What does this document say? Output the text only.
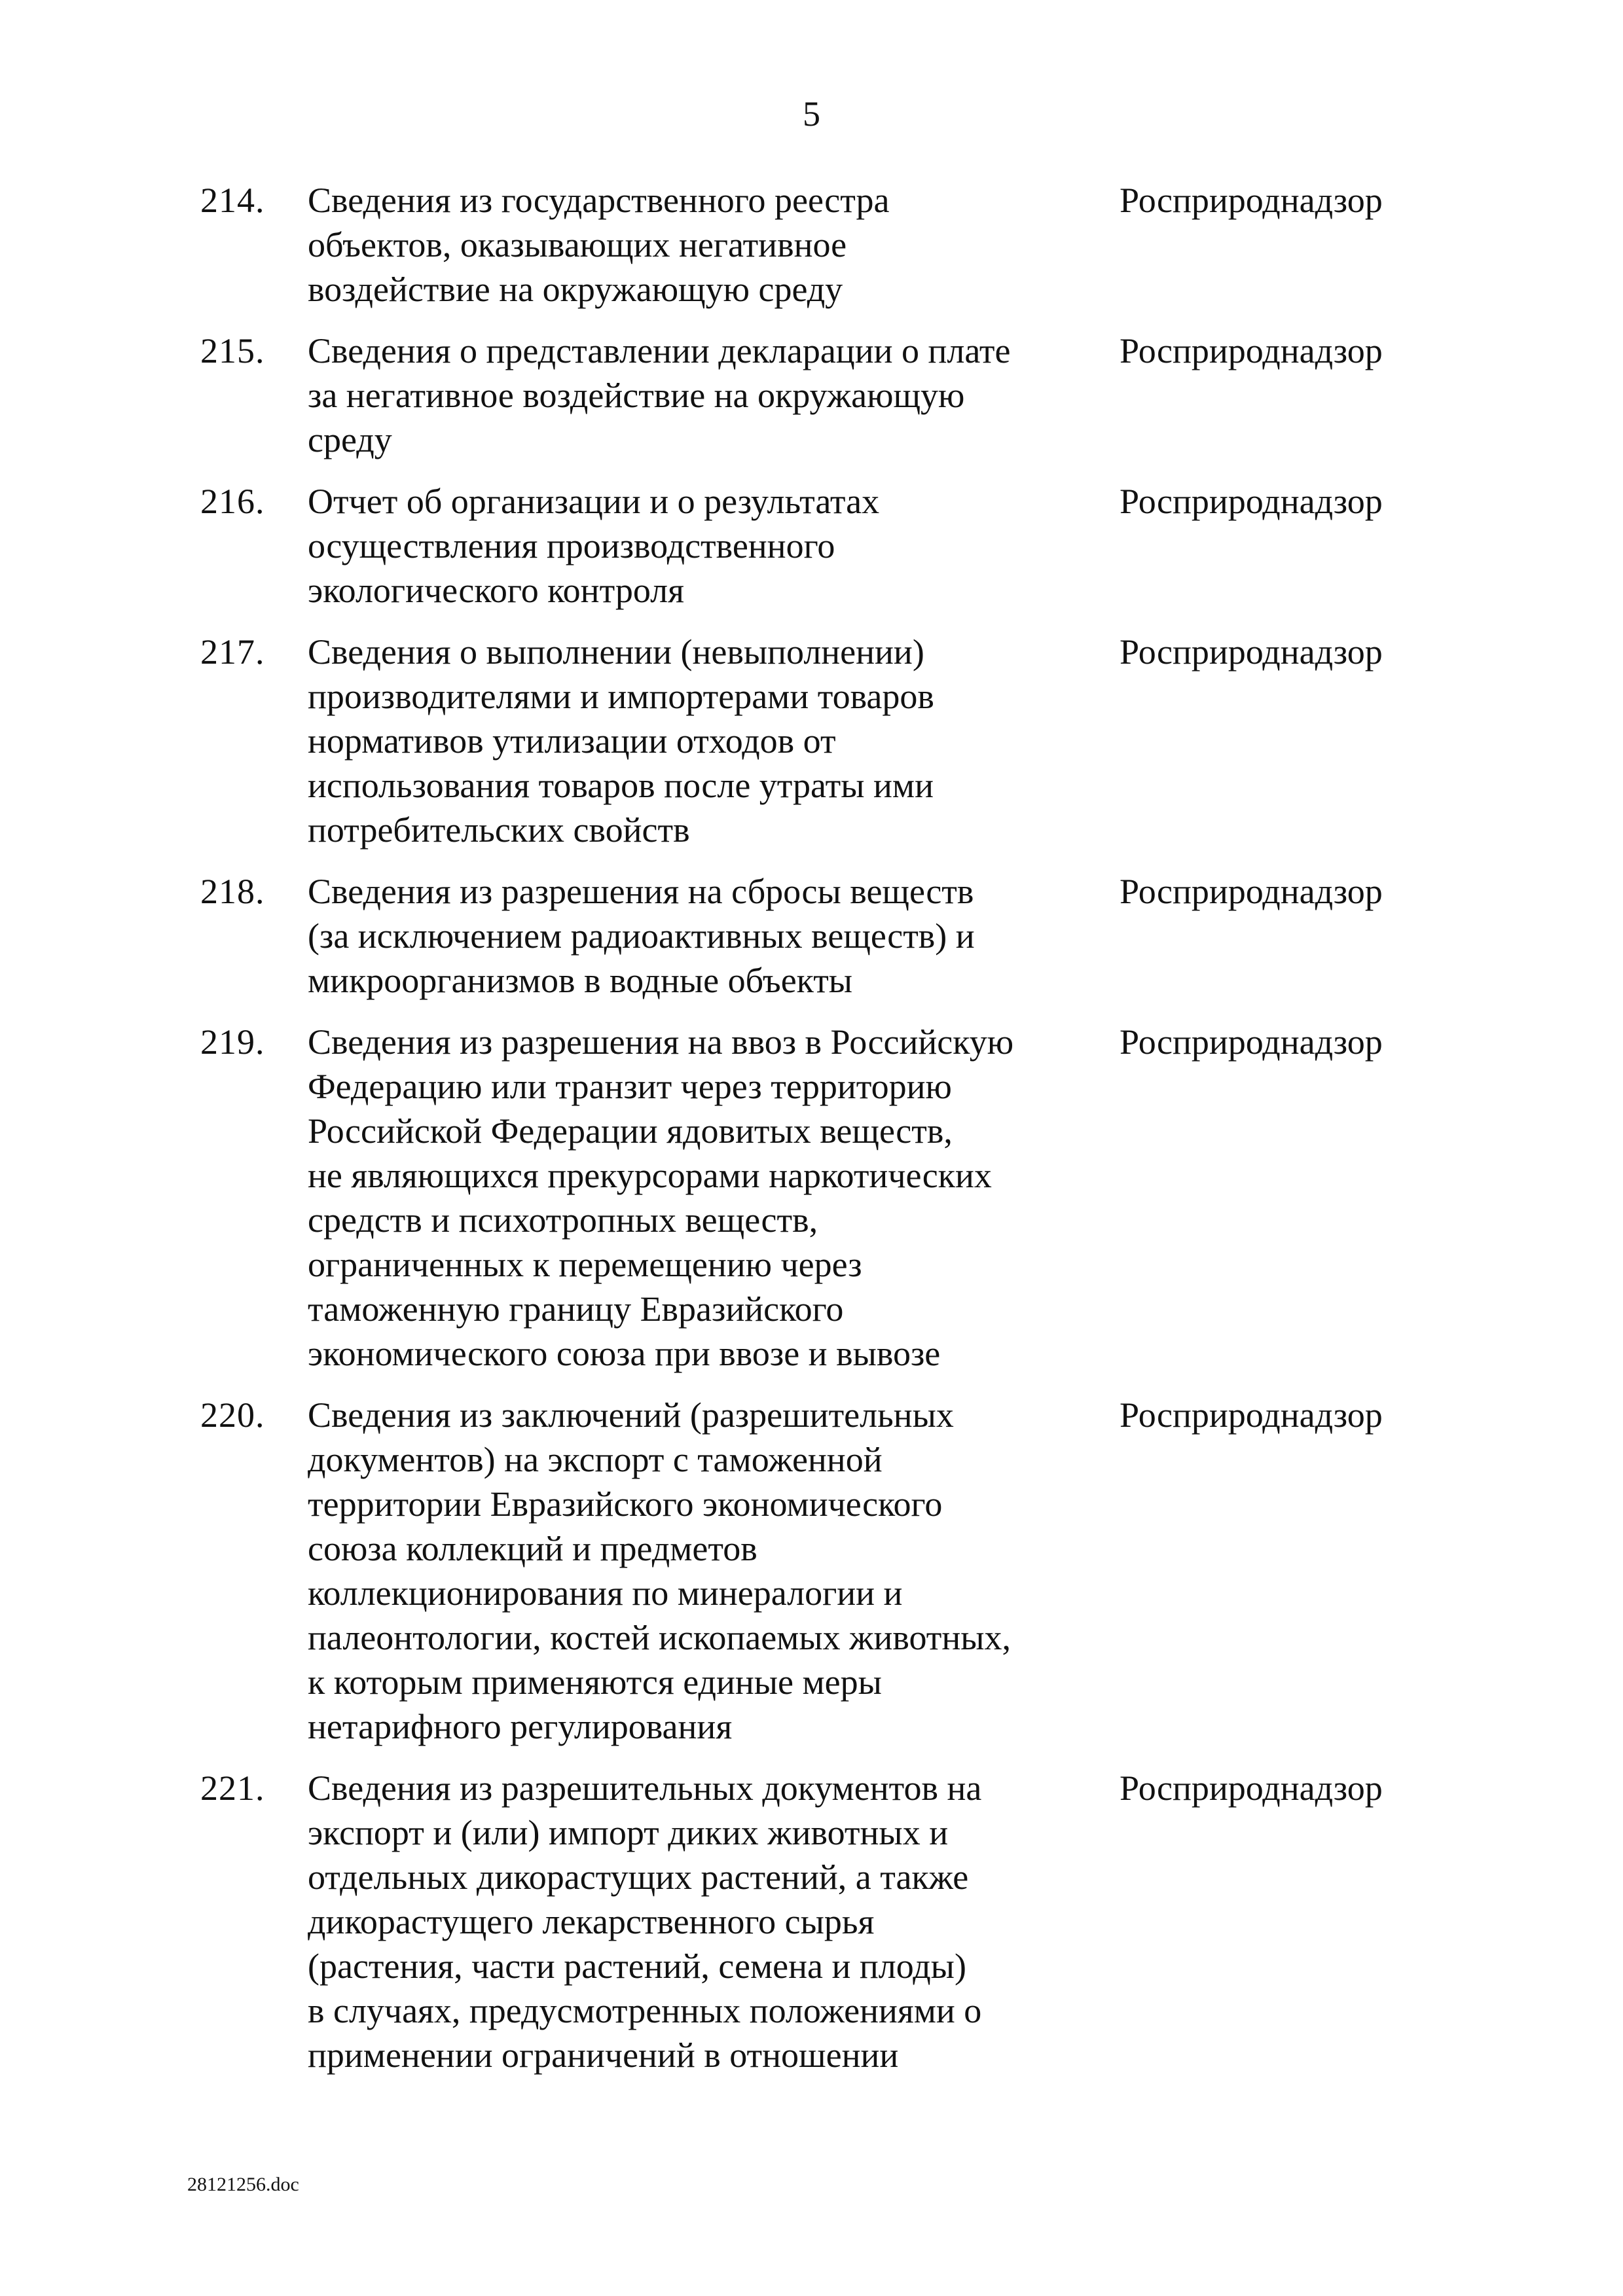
5
214. Сведения из государственного реестра
объектов, оказывающих негативное
воздействие на окружающую среду
Росприроднадзор
215. Сведения о представлении декларации о плате
за негативное воздействие на окружающую
среду
Росприроднадзор
216. Отчет об организации и о результатах
осуществления производственного
экологического контроля
Росприроднадзор
217. Сведения о выполнении (невыполнении)
производителями и импортерами товаров
нормативов утилизации отходов от
использования товаров после утраты ими
потребительских свойств
Росприроднадзор
218. Сведения из разрешения на сбросы веществ
(за исключением радиоактивных веществ) и
микроорганизмов в водные объекты
Росприроднадзор
219. Сведения из разрешения на ввоз в Российскую
Федерацию или транзит через территорию
Российской Федерации ядовитых веществ,
не являющихся прекурсорами наркотических
средств и психотропных веществ,
ограниченных к перемещению через
таможенную границу Евразийского
экономического союза при ввозе и вывозе
Росприроднадзор
220. Сведения из заключений (разрешительных
документов) на экспорт с таможенной
территории Евразийского экономического
союза коллекций и предметов
коллекционирования по минералогии и
палеонтологии, костей ископаемых животных,
к которым применяются единые меры
нетарифного регулирования
Росприроднадзор
221. Сведения из разрешительных документов на
экспорт и (или) импорт диких животных и
отдельных дикорастущих растений, а также
дикорастущего лекарственного сырья
(растения, части растений, семена и плоды)
в случаях, предусмотренных положениями о
применении ограничений в отношении
Росприроднадзор
28121256.doc
